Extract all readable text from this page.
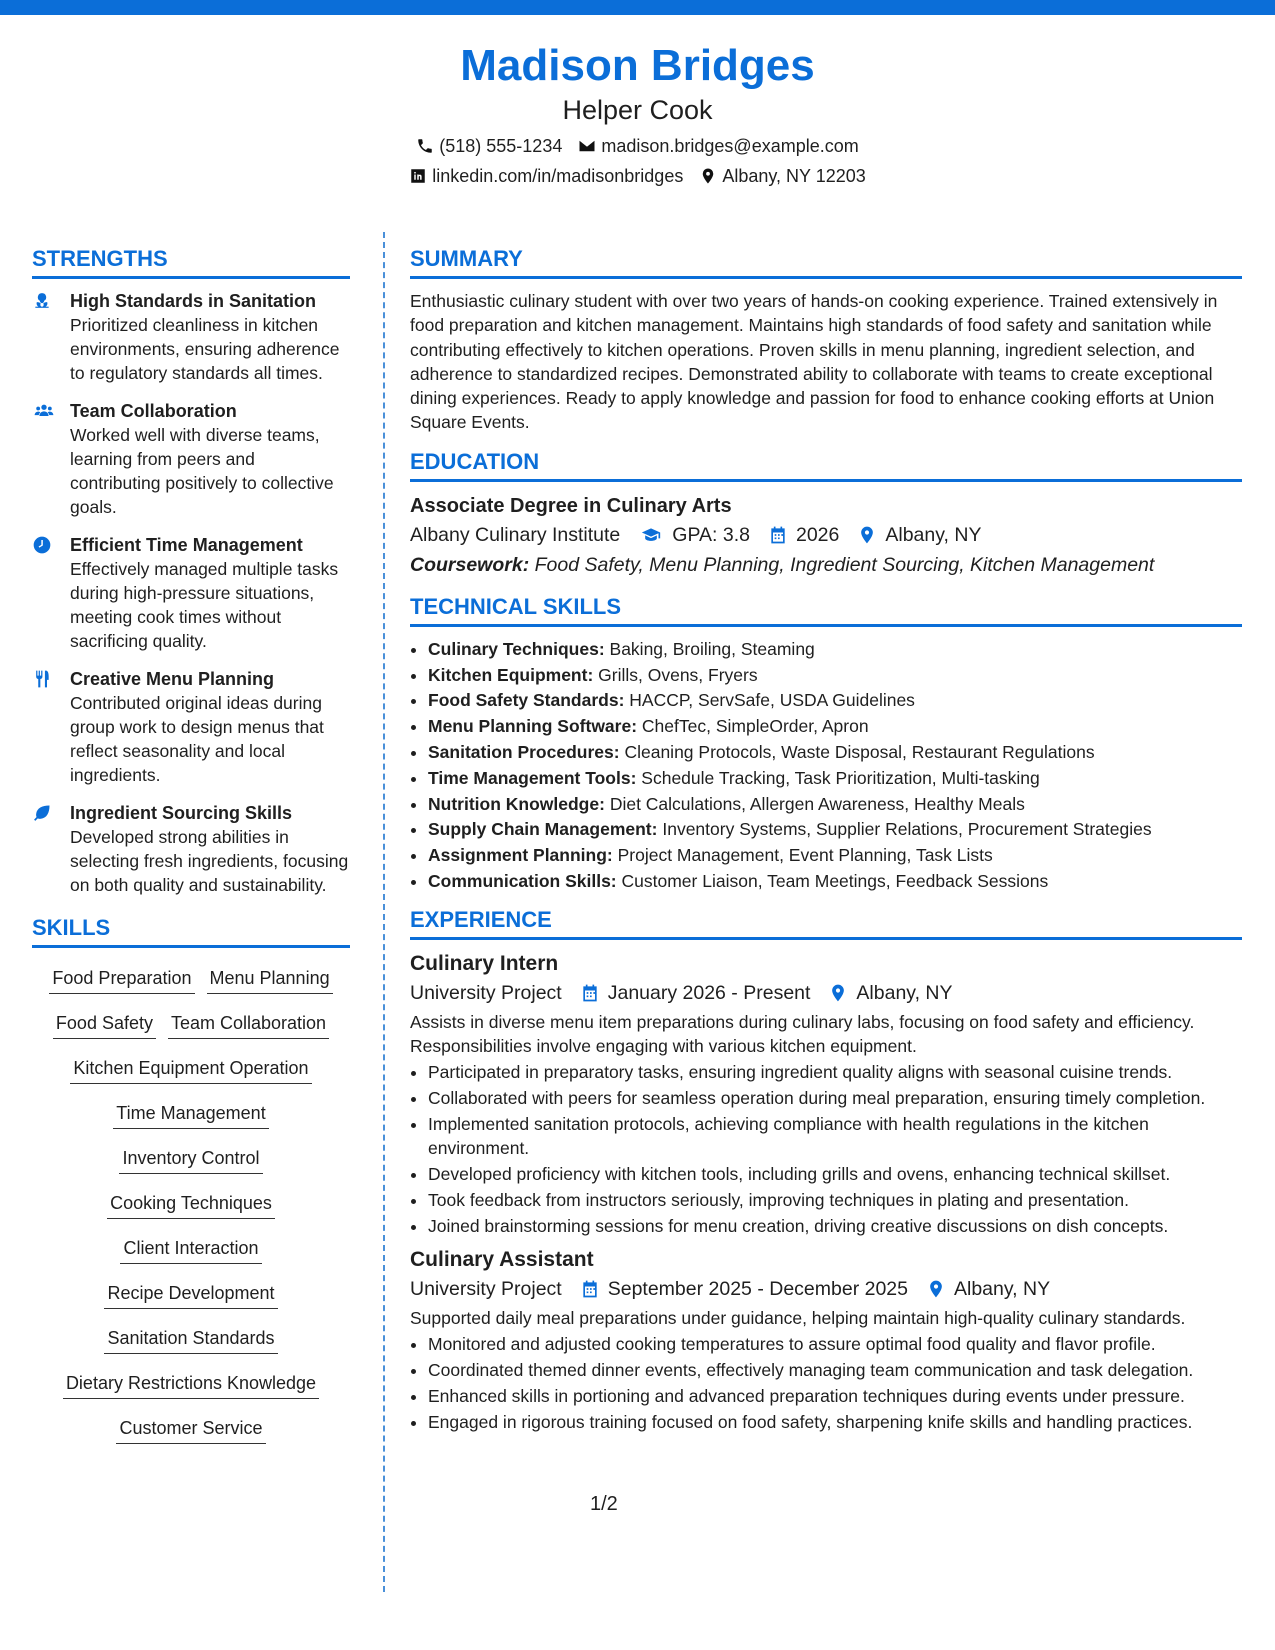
Madison Bridges
Helper Cook
(518) 555-1234 madison.bridges@example.com
linkedin.com/in/madisonbridges Albany, NY 12203
STRENGTHS
High Standards in Sanitation
Prioritized cleanliness in kitchen environments, ensuring adherence to regulatory standards all times.
Team Collaboration
Worked well with diverse teams, learning from peers and contributing positively to collective goals.
Efficient Time Management
Effectively managed multiple tasks during high-pressure situations, meeting cook times without sacrificing quality.
Creative Menu Planning
Contributed original ideas during group work to design menus that reflect seasonality and local ingredients.
Ingredient Sourcing Skills
Developed strong abilities in selecting fresh ingredients, focusing on both quality and sustainability.
SKILLS
Food Preparation Menu Planning
Food Safety Team Collaboration
Kitchen Equipment Operation
Time Management
Inventory Control
Cooking Techniques
Client Interaction
Recipe Development
Sanitation Standards
Dietary Restrictions Knowledge
Customer Service
SUMMARY

Enthusiastic culinary student with over two years of hands-on cooking experience. Trained extensively in food preparation and kitchen management. Maintains high standards of food safety and sanitation while contributing effectively to kitchen operations. Proven skills in menu planning, ingredient selection, and adherence to standardized recipes. Demonstrated ability to collaborate with teams to create exceptional dining experiences. Ready to apply knowledge and passion for food to enhance cooking efforts at Union Square Events.

EDUCATION
Associate Degree in Culinary Arts
Albany Culinary Institute	GPA: 3.8 2026 Albany, NY
Coursework: Food Safety, Menu Planning, Ingredient Sourcing, Kitchen Management
TECHNICAL SKILLS
• Culinary Techniques: Baking, Broiling, Steaming
• Kitchen Equipment: Grills, Ovens, Fryers
• Food Safety Standards: HACCP, ServSafe, USDA Guidelines
• Menu Planning Software: ChefTec, SimpleOrder, Apron
• Sanitation Procedures: Cleaning Protocols, Waste Disposal, Restaurant Regulations
• Time Management Tools: Schedule Tracking, Task Prioritization, Multi-tasking
• Nutrition Knowledge: Diet Calculations, Allergen Awareness, Healthy Meals
• Supply Chain Management: Inventory Systems, Supplier Relations, Procurement Strategies
• Assignment Planning: Project Management, Event Planning, Task Lists
• Communication Skills: Customer Liaison, Team Meetings, Feedback Sessions
EXPERIENCE
Culinary Intern
University Project January 2026 - Present Albany, NY

Assists in diverse menu item preparations during culinary labs, focusing on food safety and efficiency. Responsibilities involve engaging with various kitchen equipment.

• Participated in preparatory tasks, ensuring ingredient quality aligns with seasonal cuisine trends.
• Collaborated with peers for seamless operation during meal preparation, ensuring timely completion.
• Implemented sanitation protocols, achieving compliance with health regulations in the kitchen environment.
• Developed proficiency with kitchen tools, including grills and ovens, enhancing technical skillset.
• Took feedback from instructors seriously, improving techniques in plating and presentation.
• Joined brainstorming sessions for menu creation, driving creative discussions on dish concepts.
Culinary Assistant
University Project September 2025 - December 2025 Albany, NY

Supported daily meal preparations under guidance, helping maintain high-quality culinary standards.

• Monitored and adjusted cooking temperatures to assure optimal food quality and flavor profile.
• Coordinated themed dinner events, effectively managing team communication and task delegation.
• Enhanced skills in portioning and advanced preparation techniques during events under pressure.
• Engaged in rigorous training focused on food safety, sharpening knife skills and handling practices.
1/2
